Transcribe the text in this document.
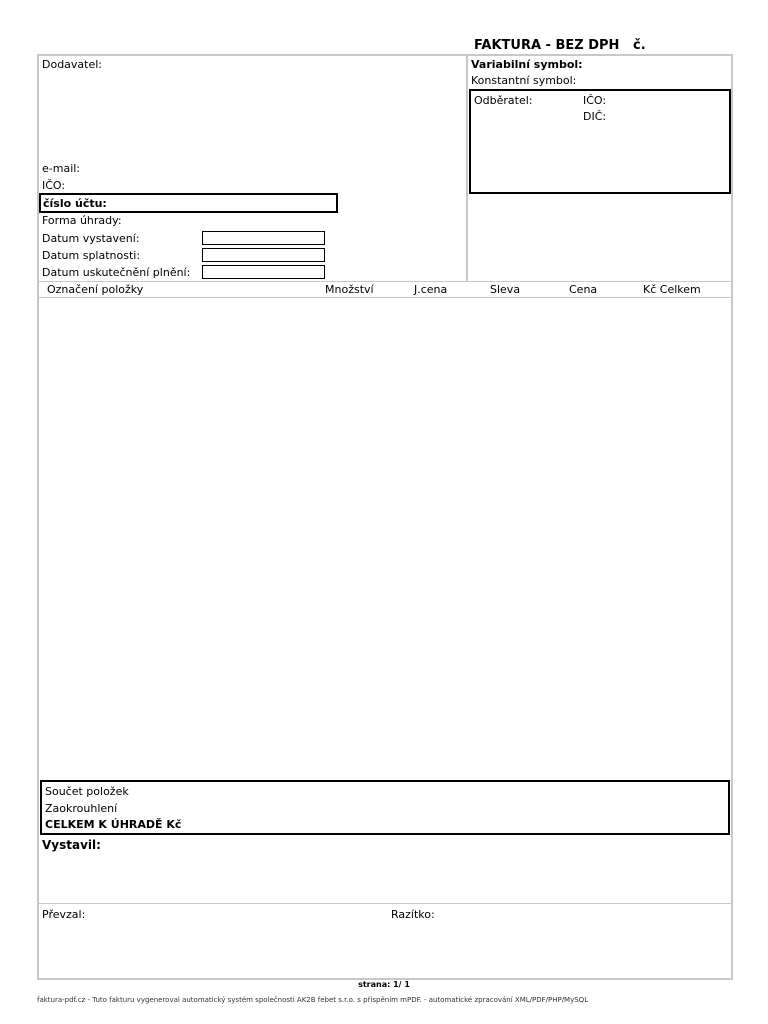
FAKTURA - BEZ DPH č.
Dodavatel:
e-mail:
IČO:
číslo účtu:
Forma úhrady:
Datum vystavení:
Datum splatnosti:
Datum uskutečnění plnění:
Variabilní symbol:
Konstantní symbol:
Odběratel:	IČO:
DIČ:
Označení položky	Množství	J.cena	Sleva	Cena	Kč Celkem
Součet položek
Zaokrouhlení
CELKEM K ÚHRADĚ Kč
Vystavil:
Převzal:	Razítko:
strana: 1/ 1
faktura-pdf.cz - Tuto fakturu vygeneroval automatický systém společnosti AK2B febet s.r.o. s přispěním mPDF. - automatické zpracování XML/PDF/PHP/MySQL
